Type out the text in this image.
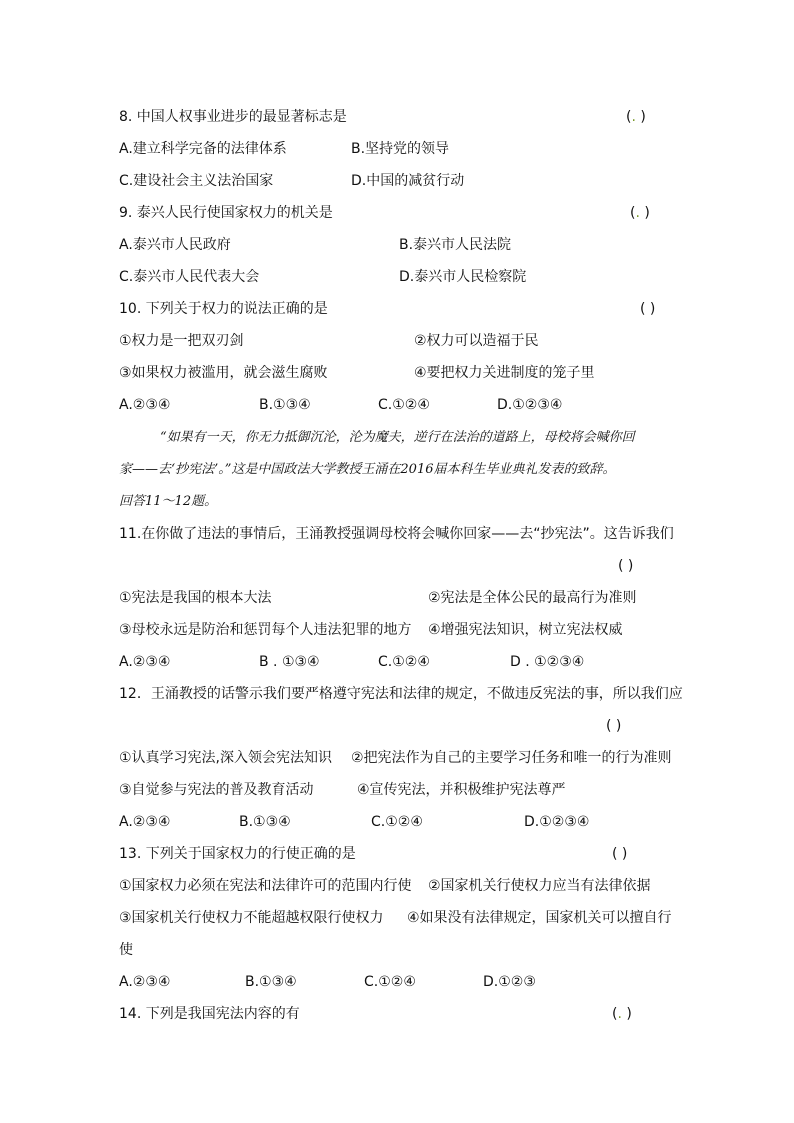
8. 中国人权事业进步的最显著标志是	(. )
A.建立科学完备的法律体系	B.坚持党的领导
C.建设社会主义法治国家	D.中国的减贫行动
9. 泰兴人民行使国家权力的机关是	(. )
A.泰兴市人民政府	B.泰兴市人民法院
C.泰兴市人民代表大会	D.泰兴市人民检察院
10. 下列关于权力的说法正确的是	( )
①权力是一把双刃剑	②权力可以造福于民
③如果权力被滥用，就会滋生腐败	④要把权力关进制度的笼子里
A.②③④	B.①③④	C.①②④	D.①②③④
“如果有一天，你无力抵御沉沦，沦为魔夫，逆行在法治的道路上，母校将会喊你回
家——去‘抄宪法’。”这是中国政法大学教授王涌在2016届本科生毕业典礼发表的致辞。
回答11～12题。
11.在你做了违法的事情后，王涌教授强调母校将会喊你回家——去“抄宪法”。这告诉我们
( )
①宪法是我国的根本大法	②宪法是全体公民的最高行为准则
③母校永远是防治和惩罚每个人违法犯罪的地方 ④增强宪法知识，树立宪法权威
A.②③④	B . ①③④	C.①②④	D . ①②③④
12．王涌教授的话警示我们要严格遵守宪法和法律的规定，不做违反宪法的事，所以我们应
( )
①认真学习宪法,深入领会宪法知识 ②把宪法作为自己的主要学习任务和唯一的行为准则
③自觉参与宪法的普及教育活动	④宣传宪法，并积极维护宪法尊严
A.②③④	B.①③④	C.①②④	D.①②③④
13. 下列关于国家权力的行使正确的是	( )
①国家权力必须在宪法和法律许可的范围内行使 ②国家机关行使权力应当有法律依据
③国家机关行使权力不能超越权限行使权力 ④如果没有法律规定，国家机关可以擅自行
使
A.②③④	B.①③④	C.①②④	D.①②③
14. 下列是我国宪法内容的有	(. )
